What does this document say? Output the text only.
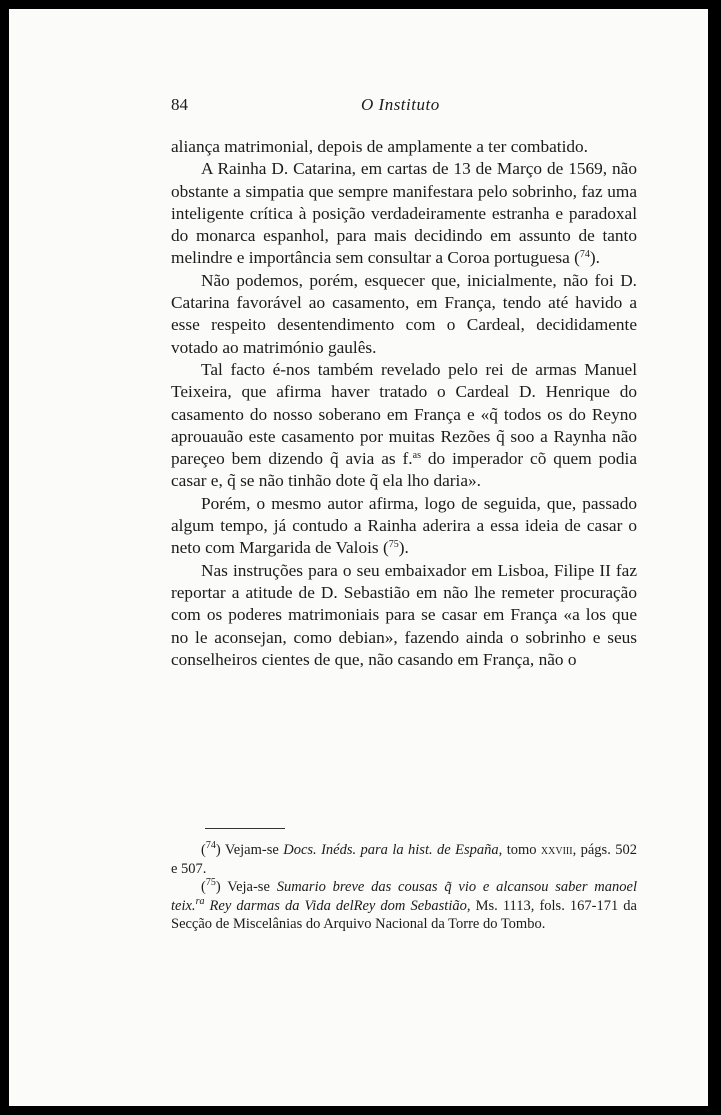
84	O Instituto

aliança matrimonial, depois de amplamente a ter combatido.

A Rainha D. Catarina, em cartas de 13 de Março de 1569, não obstante a simpatia que sempre manifestara pelo sobrinho, faz uma inteligente crítica à posição verdadeiramente estranha e paradoxal do monarca espanhol, para mais decidindo em assunto de tanto melindre e importância sem consultar a Coroa portuguesa ($^{74}$).

Não podemos, porém, esquecer que, inicialmente, não foi D. Catarina favorável ao casamento, em França, tendo até havido a esse respeito desentendimento com o Cardeal, decididamente votado ao matrimónio gaulês.

Tal facto é-nos também revelado pelo rei de armas Manuel Teixeira, que afirma haver tratado o Cardeal D. Henrique do casamento do nosso soberano em França e «q̃ todos os do Reyno aprouauão este casamento por muitas Rezões q̃ soo a Raynha não pareçeo bem dizendo q̃ avia as f.$^{as}$ do imperador cõ quem podia casar e, q̃ se não tinhão dote q̃ ela lho daria».

Porém, o mesmo autor afirma, logo de seguida, que, passado algum tempo, já contudo a Rainha aderira a essa ideia de casar o neto com Margarida de Valois ($^{75}$).

Nas instruções para o seu embaixador em Lisboa, Filipe II faz reportar a atitude de D. Sebastião em não lhe remeter procuração com os poderes matrimoniais para se casar em França «a los que no le aconsejan, como debian», fazendo ainda o sobrinho e seus conselheiros cientes de que, não casando em França, não o

($^{74}$) Vejam-se Docs. Inéds. para la hist. de España, tomo xxviii, págs. 502 e 507.

($^{75}$) Veja-se Sumario breve das cousas q̃ vio e alcansou saber manoel teix.$^{ra}$ Rey darmas da Vida delRey dom Sebastião, Ms. 1113, fols. 167-171 da Secção de Miscelânias do Arquivo Nacional da Torre do Tombo.
